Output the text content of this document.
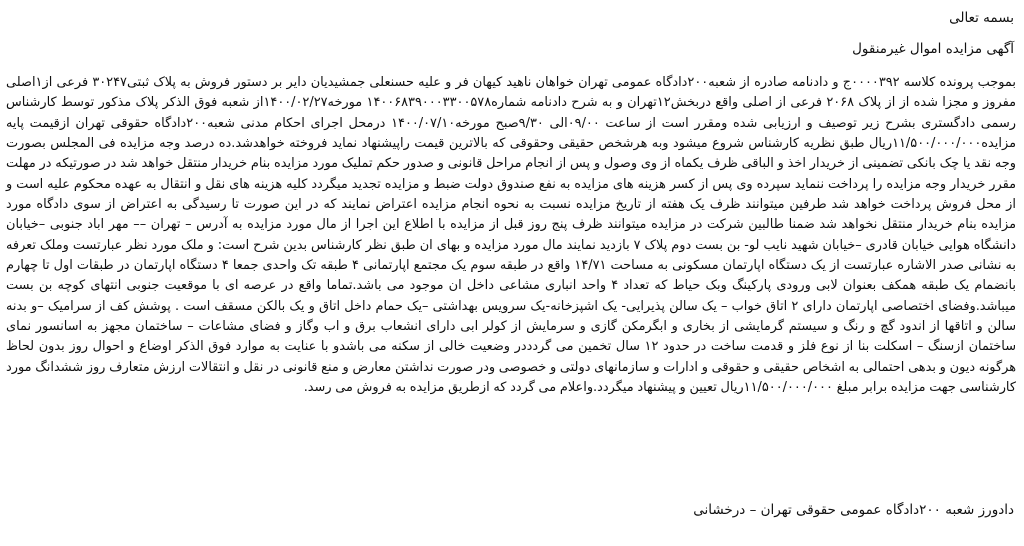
بسمه تعالی

آگهی مزایده اموال غیرمنقول

بموجب پرونده کلاسه ۰۰۰۰۳۹۲ج و دادنامه صادره از شعبه۲۰۰دادگاه عمومی تهران خواهان ناهید کیهان فر و علیه حسنعلی جمشیدیان دایر بر دستور فروش به پلاک ثبتی۳۰۲۴۷ فرعی از۱اصلی مفروز و مجزا شده از از پلاک ۲۰۶۸ فرعی از اصلی واقع دربخش۱۲تهران و به شرح دادنامه شماره۱۴۰۰۶۸۳۹۰۰۰۳۳۰۰۵۷۸ مورخه۱۴۰۰/۰۲/۲۷از شعبه فوق الذکر پلاک مذکور توسط کارشناس رسمی دادگستری بشرح زیر توصیف و ارزیابی شده ومقرر است از ساعت ۰۹/۰۰الی ۹/۳۰صبح مورخه۱۴۰۰/۰۷/۱۰ درمحل اجرای احکام مدنی شعبه۲۰۰دادگاه حقوقی تهران ازقیمت پایه مزایده۱۱/۵۰۰/۰۰۰/۰۰۰ریال طبق نظریه کارشناس شروع میشود وبه هرشخص حقیقی وحقوقی که بالاترین قیمت راپیشنهاد نماید فروخته خواهدشد.ده درصد وجه مزایده فی المجلس بصورت وجه نقد یا چک بانکی تضمینی از خریدار اخذ و الباقی ظرف یکماه از وی وصول و پس از انجام مراحل قانونی و صدور حکم تملیک مورد مزایده بنام خریدار منتقل خواهد شد در صورتیکه در مهلت مقرر خریدار وجه مزایده را پرداخت ننماید سپرده وی پس از کسر هزینه های مزایده به نفع صندوق دولت ضبط و مزایده تجدید میگردد کلیه هزینه های نقل و انتقال به عهده محکوم علیه است و از محل فروش پرداخت خواهد شد طرفین میتوانند ظرف یک هفته از تاریخ مزایده نسبت به نحوه انجام مزایده اعتراض نمایند که در این صورت تا رسیدگی به اعتراض از سوی دادگاه مورد مزایده بنام خریدار منتقل نخواهد شد ضمنا طالبین شرکت در مزایده میتوانند ظرف پنج روز قبل از مزایده با اطلاع این اجرا از مال مورد مزایده به آدرس – تهران –– مهر اباد جنوبی –خیابان دانشگاه هوایی خیابان قادری –خیابان شهید نایب لو- بن بست دوم پلاک ۷ بازدید نمایند مال مورد مزایده و بهای ان طبق نظر کارشناس بدین شرح است: و ملک مورد نظر عبارتست وملک تعرفه به نشانی صدر الاشاره عبارتست از یک دستگاه اپارتمان مسکونی به مساحت ۱۴/۷۱ واقع در طبقه سوم یک مجتمع اپارتمانی ۴ طبقه تک واحدی جمعا ۴ دستگاه اپارتمان در طبقات اول تا چهارم بانضمام یک طبقه همکف بعنوان لابی ورودی پارکینگ وبک حیاط که تعداد ۴ واحد انباری مشاعی داخل ان موجود می باشد.تماما واقع در عرصه ای با موقعیت جنوبی انتهای کوچه بن بست میباشد.وفضای اختصاصی اپارتمان دارای ۲ اتاق خواب – یک سالن پذیرایی- یک اشپزخانه-یک سرویس بهداشتی –یک حمام داخل اتاق و یک بالکن مسقف است . پوشش کف از سرامیک –و بدنه سالن و اتاقها از اندود گچ و رنگ و سیستم گرمایشی از بخاری و ابگرمکن گازی و سرمایش از کولر ابی دارای انشعاب برق و اب وگاز و فضای مشاعات – ساختمان مجهز به اسانسور نمای ساختمان ازسنگ – اسکلت بنا از نوع فلز و قدمت ساخت در حدود ۱۲ سال تخمین می گردددر وضعیت خالی از سکنه می باشدو با عنایت به موارد فوق الذکر اوضاع و احوال روز بدون لحاظ هرگونه دیون و بدهی احتمالی به اشخاص حقیقی و حقوقی و ادارات و سازمانهای دولتی و خصوصی ودر صورت نداشتن معارض و منع قانونی در نقل و انتقالات ارزش متعارف روز ششدانگ مورد کارشناسی جهت مزایده برابر مبلغ ۱۱/۵۰۰/۰۰۰/۰۰۰ریال تعیین و پیشنهاد میگردد.واعلام می گردد که ازطریق مزایده به فروش می رسد.

دادورز شعبه ۲۰۰دادگاه عمومی حقوقی تهران – درخشانی
